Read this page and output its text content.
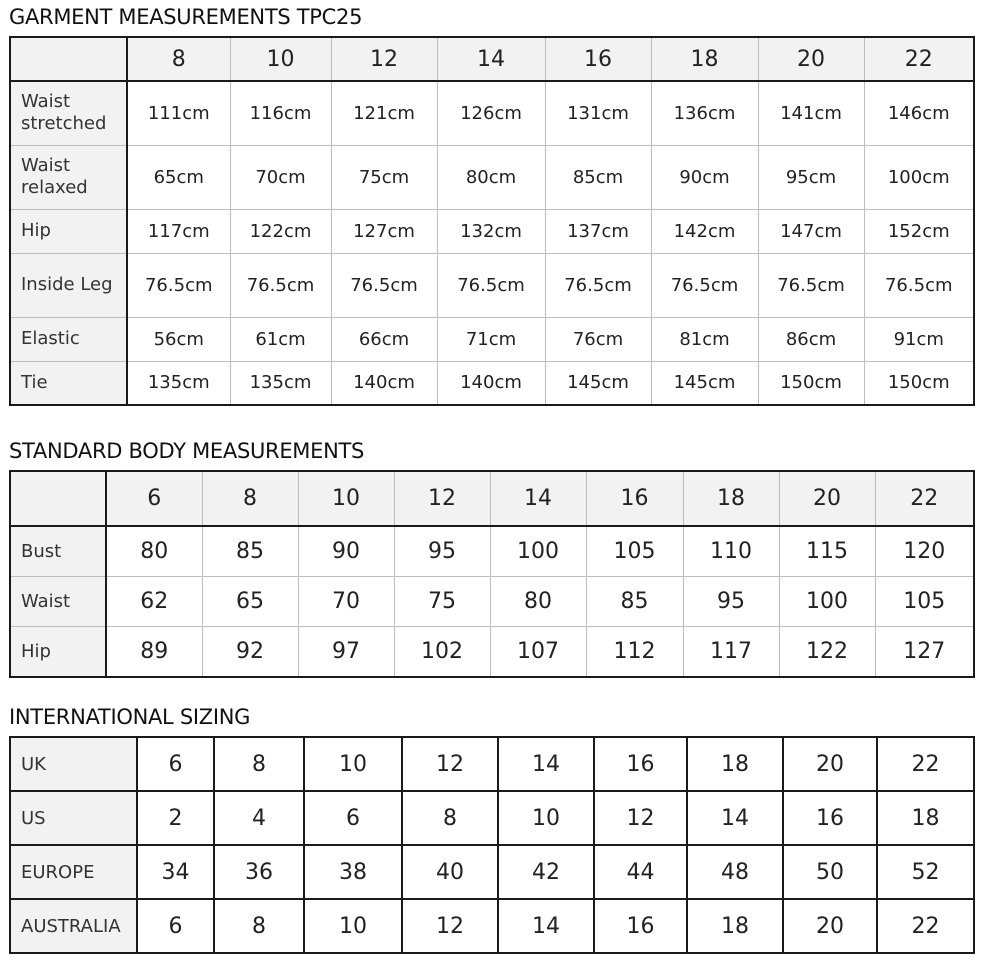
GARMENT MEASUREMENTS TPC25
	8	10	12	14	16	18	20	22
Waist stretched	111cm	116cm	121cm	126cm	131cm	136cm	141cm	146cm
Waist relaxed	65cm	70cm	75cm	80cm	85cm	90cm	95cm	100cm
Hip	117cm	122cm	127cm	132cm	137cm	142cm	147cm	152cm
Inside Leg	76.5cm	76.5cm	76.5cm	76.5cm	76.5cm	76.5cm	76.5cm	76.5cm
Elastic	56cm	61cm	66cm	71cm	76cm	81cm	86cm	91cm
Tie	135cm	135cm	140cm	140cm	145cm	145cm	150cm	150cm
STANDARD BODY MEASUREMENTS
	6	8	10	12	14	16	18	20	22
Bust	80	85	90	95	100	105	110	115	120
Waist	62	65	70	75	80	85	95	100	105
Hip	89	92	97	102	107	112	117	122	127
INTERNATIONAL SIZING
UK	6	8	10	12	14	16	18	20	22
US	2	4	6	8	10	12	14	16	18
EUROPE	34	36	38	40	42	44	48	50	52
AUSTRALIA	6	8	10	12	14	16	18	20	22
